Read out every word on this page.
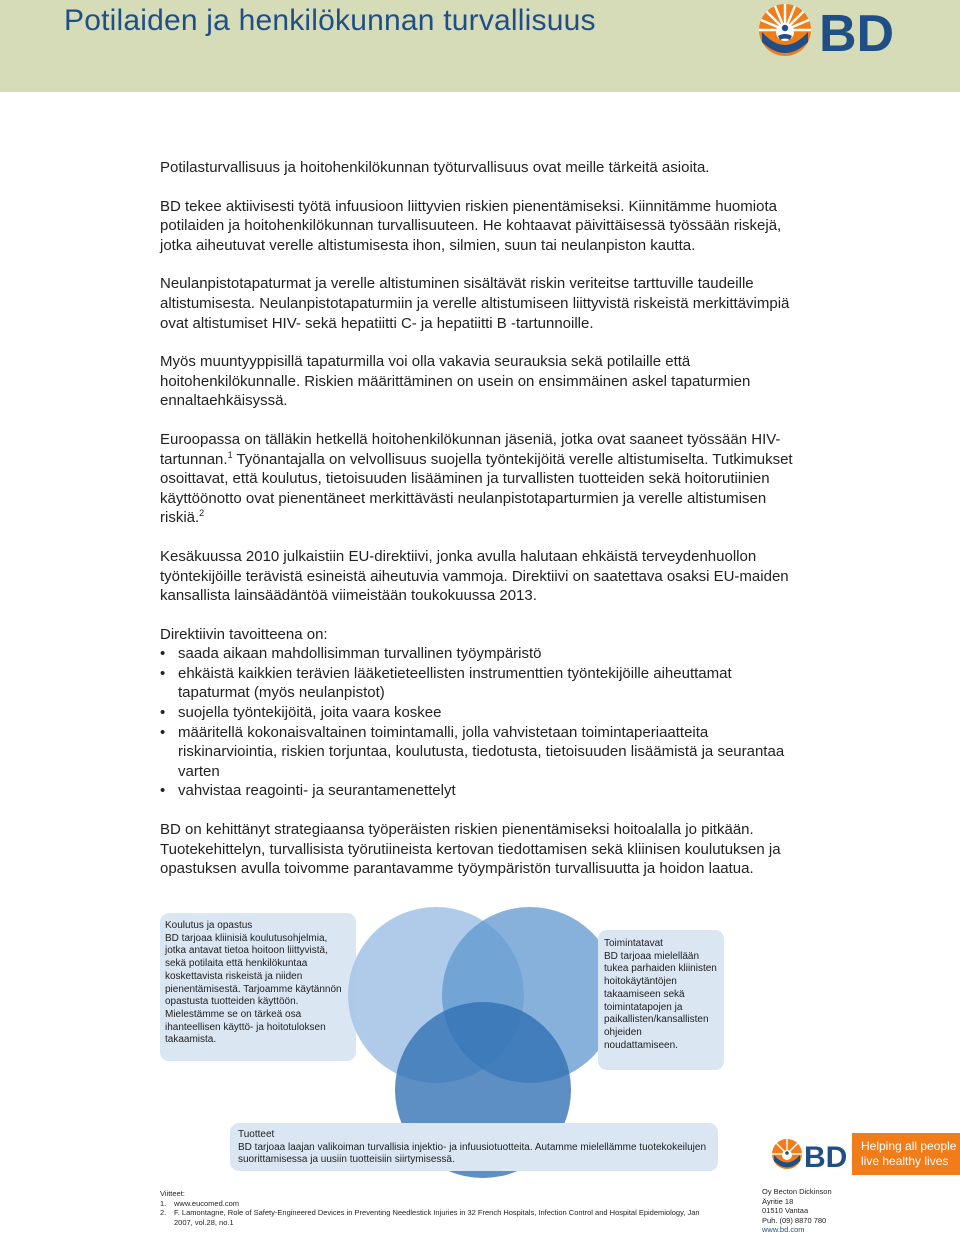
Potilaiden ja henkilökunnan turvallisuus	BD

Potilasturvallisuus ja hoitohenkilökunnan työturvallisuus ovat meille tärkeitä asioita.

BD tekee aktiivisesti työtä infuusioon liittyvien riskien pienentämiseksi. Kiinnitämme huomiota potilaiden ja hoitohenkilökunnan turvallisuuteen. He kohtaavat päivittäisessä työssään riskejä, jotka aiheutuvat verelle altistumisesta ihon, silmien, suun tai neulanpiston kautta.

Neulanpistotapaturmat ja verelle altistuminen sisältävät riskin veriteitse tarttuville taudeille altistumisesta. Neulanpistotapaturmiin ja verelle altistumiseen liittyvistä riskeistä merkittävimpiä ovat altistumiset HIV- sekä hepatiitti C- ja hepatiitti B -tartunnoille.

Myös muuntyyppisillä tapaturmilla voi olla vakavia seurauksia sekä potilaille että hoitohenkilökunnalle. Riskien määrittäminen on usein on ensimmäinen askel tapaturmien ennaltaehkäisyssä.

Euroopassa on tälläkin hetkellä hoitohenkilökunnan jäseniä, jotka ovat saaneet työssään HIV-tartunnan.$^1$ Työnantajalla on velvollisuus suojella työntekijöitä verelle altistumiselta. Tutkimukset osoittavat, että koulutus, tietoisuuden lisääminen ja turvallisten tuotteiden sekä hoitorutiinien käyttöönotto ovat pienentäneet merkittävästi neulanpistotaparturmien ja verelle altistumisen riskiä.$^2$

Kesäkuussa 2010 julkaistiin EU-direktiivi, jonka avulla halutaan ehkäistä terveydenhuollon työntekijöille terävistä esineistä aiheutuvia vammoja. Direktiivi on saatettava osaksi EU-maiden kansallista lainsäädäntöä viimeistään toukokuussa 2013.

Direktiivin tavoitteena on:

• saada aikaan mahdollisimman turvallinen työympäristö
• ehkäistä kaikkien terävien lääketieteellisten instrumenttien työntekijöille aiheuttamat tapaturmat (myös neulanpistot)
• suojella työntekijöitä, joita vaara koskee
• määritellä kokonaisvaltainen toimintamalli, jolla vahvistetaan toimintaperiaatteita riskinarviointia, riskien torjuntaa, koulutusta, tiedotusta, tietoisuuden lisäämistä ja seurantaa varten
• vahvistaa reagointi- ja seurantamenettelyt

BD on kehittänyt strategiaansa työperäisten riskien pienentämiseksi hoitoalalla jo pitkään. Tuotekehittelyn, turvallisista työrutiineista kertovan tiedottamisen sekä kliinisen koulutuksen ja opastuksen avulla toivomme parantavamme työympäristön turvallisuutta ja hoidon laatua.

Koulutus ja opastus
BD tarjoaa kliinisiä koulutusohjelmia, jotka antavat tietoa hoitoon liittyvistä, sekä potilaita että henkilökuntaa koskettavista riskeistä ja niiden pienentämisestä. Tarjoamme käytännön opastusta tuotteiden käyttöön. Mielestämme se on tärkeä osa ihanteellisen käyttö- ja hoitotuloksen takaamista.
Toimintatavat
BD tarjoaa mielellään tukea parhaiden kliinisten hoitokäytäntöjen takaamiseen sekä toimintatapojen ja paikallisten/kansallisten ohjeiden noudattamiseen.
Tuotteet
BD tarjoaa laajan valikoiman turvallisia injektio- ja infuusiotuotteita. Autamme mielellämme tuotekokeilujen suorittamisessa ja uusiin tuotteisiin siirtymisessä.	BD Helping all people
live healthy lives
Viitteet:
1.	www.eucomed.com
2.	F. Lamontagne, Role of Safety-Engineered Devices in Preventing Needlestick Injuries in 32 French Hospitals, Infection Control and Hospital Epidemiology, Jan 2007, vol.28, no.1
Oy Becton Dickinson
Äyritie 18
01510 Vantaa
Puh. (09) 8870 780
www.bd.com
